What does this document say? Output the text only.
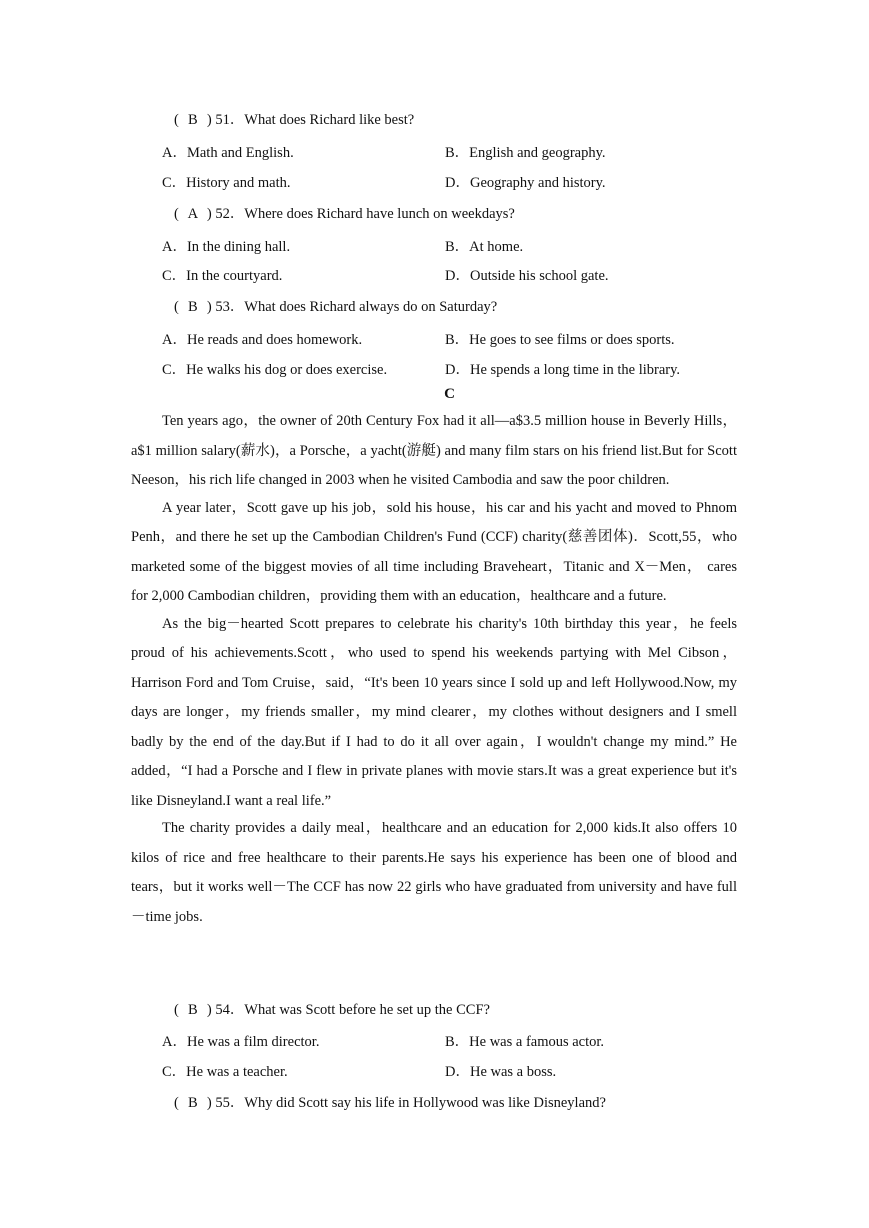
( B ) 51．What does Richard like best?
A．Math and English.	B．English and geography.
C．History and math.	D．Geography and history.
( A ) 52．Where does Richard have lunch on weekdays?
A．In the dining hall.	B．At home.
C．In the courtyard.	D．Outside his school gate.
( B ) 53．What does Richard always do on Saturday?
A．He reads and does homework.	B．He goes to see films or does sports.
C．He walks his dog or does exercise.	D．He spends a long time in the library.
C

Ten years ago，the owner of 20th Century Fox had it all—a$3.5 million house in Beverly Hills，a$1 million salary(薪水)，a Porsche，a yacht(游艇) and many film stars on his friend list.But for Scott Neeson，his rich life changed in 2003 when he visited Cambodia and saw the poor children.

A year later，Scott gave up his job，sold his house，his car and his yacht and moved to Phnom Penh，and there he set up the Cambodian Children's Fund (CCF) charity(慈善团体)．Scott,55，who marketed some of the biggest movies of all time including Braveheart，Titanic and X－Men， cares for 2,000 Cambodian children，providing them with an education，healthcare and a future.

As the big－hearted Scott prepares to celebrate his charity's 10th birthday this year，he feels proud of his achievements.Scott，who used to spend his weekends partying with Mel Cibson，Harrison Ford and Tom Cruise，said，“It's been 10 years since I sold up and left Hollywood.Now, my days are longer，my friends smaller，my mind clearer，my clothes without designers and I smell badly by the end of the day.But if I had to do it all over again，I wouldn't change my mind.” He added，“I had a Porsche and I flew in private planes with movie stars.It was a great experience but it's like Disneyland.I want a real life.”

The charity provides a daily meal，healthcare and an education for 2,000 kids.It also offers 10 kilos of rice and free healthcare to their parents.He says his experience has been one of blood and tears，but it works well－The CCF has now 22 girls who have graduated from university and have full－time jobs.

( B ) 54．What was Scott before he set up the CCF?
A．He was a film director.	B．He was a famous actor.
C．He was a teacher.	D．He was a boss.
( B ) 55．Why did Scott say his life in Hollywood was like Disneyland?
